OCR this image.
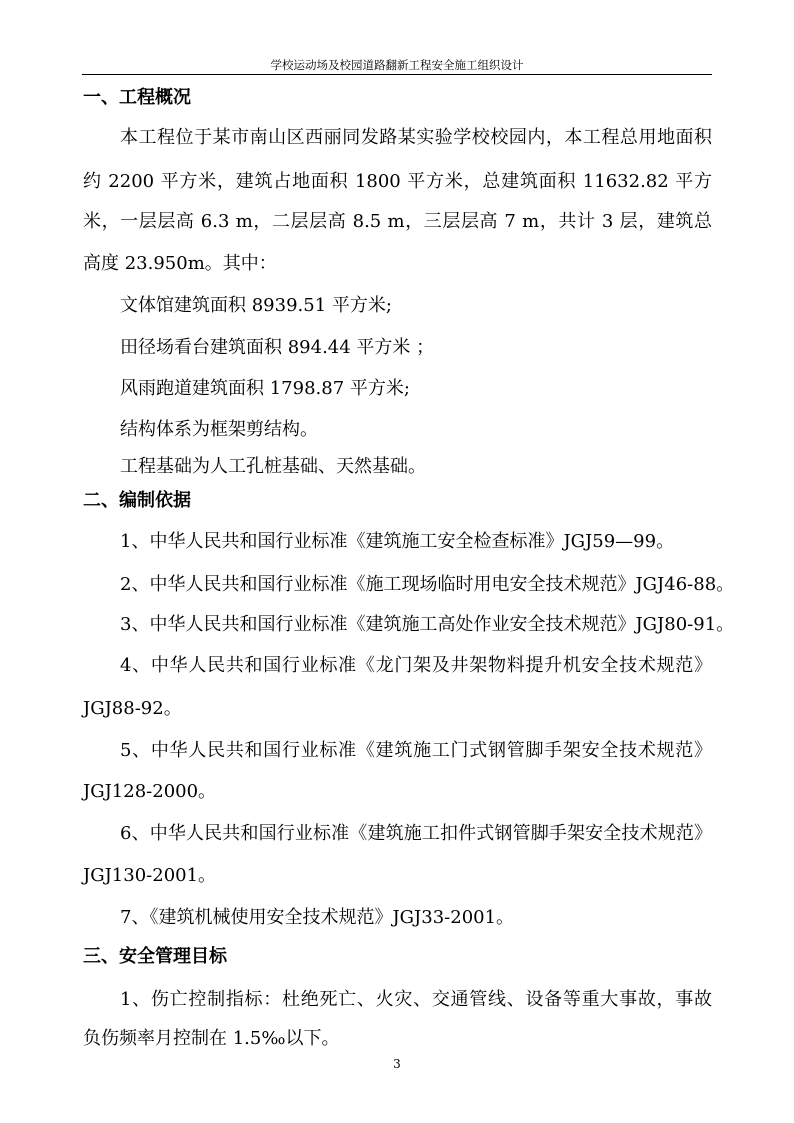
学校运动场及校园道路翻新工程安全施工组织设计
一、工程概况
本工程位于某市南山区西丽同发路某实验学校校园内，本工程总用地面积
约 2200 平方米，建筑占地面积 1800 平方米，总建筑面积 11632.82 平方
米，一层层高 6.3 m，二层层高 8.5 m，三层层高 7 m，共计 3 层，建筑总
高度 23.950m。其中：
文体馆建筑面积 8939.51 平方米;
田径场看台建筑面积 894.44 平方米 ；
风雨跑道建筑面积 1798.87 平方米;
结构体系为框架剪结构。
工程基础为人工孔桩基础、天然基础。
二、编制依据
1、中华人民共和国行业标准《建筑施工安全检查标准》JGJ59—99。
2、中华人民共和国行业标准《施工现场临时用电安全技术规范》JGJ46-88。
3、中华人民共和国行业标准《建筑施工高处作业安全技术规范》JGJ80-91。
4、中华人民共和国行业标准《龙门架及井架物料提升机安全技术规范》
JGJ88-92。
5、中华人民共和国行业标准《建筑施工门式钢管脚手架安全技术规范》
JGJ128-2000。
6、中华人民共和国行业标准《建筑施工扣件式钢管脚手架安全技术规范》
JGJ130-2001。
7、《建筑机械使用安全技术规范》JGJ33-2001。
三、安全管理目标
1、伤亡控制指标：杜绝死亡、火灾、交通管线、设备等重大事故，事故
负伤频率月控制在 1.5‰以下。
3
